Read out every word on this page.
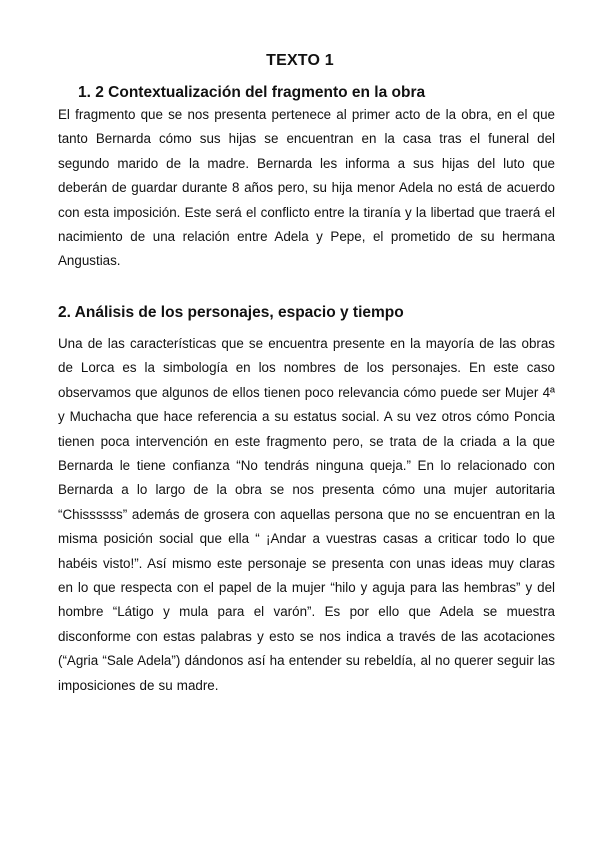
TEXTO 1
1. 2 Contextualización del fragmento en la obra

El fragmento que se nos presenta pertenece al primer acto de la obra, en el que tanto Bernarda cómo sus hijas se encuentran en la casa tras el funeral del segundo marido de la madre. Bernarda les informa a sus hijas del luto que deberán de guardar durante 8 años pero, su hija menor Adela no está de acuerdo con esta imposición. Este será el conflicto entre la tiranía y la libertad que traerá el nacimiento de una relación entre Adela y Pepe, el prometido de su hermana Angustias.

2. Análisis de los personajes, espacio y tiempo

Una de las características que se encuentra presente en la mayoría de las obras de Lorca es la simbología en los nombres de los personajes. En este caso observamos que algunos de ellos tienen poco relevancia cómo puede ser Mujer 4ª y Muchacha que hace referencia a su estatus social. A su vez otros cómo Poncia tienen poca intervención en este fragmento pero, se trata de la criada a la que Bernarda le tiene confianza “No tendrás ninguna queja.” En lo relacionado con Bernarda a lo largo de la obra se nos presenta cómo una mujer autoritaria “Chissssss” además de grosera con aquellas persona que no se encuentran en la misma posición social que ella “ ¡Andar a vuestras casas a criticar todo lo que habéis visto!”. Así mismo este personaje se presenta con unas ideas muy claras en lo que respecta con el papel de la mujer “hilo y aguja para las hembras” y del hombre “Látigo y mula para el varón”. Es por ello que Adela se muestra disconforme con estas palabras y esto se nos indica a través de las acotaciones (“Agria “Sale Adela”) dándonos así ha entender su rebeldía, al no querer seguir las imposiciones de su madre.
